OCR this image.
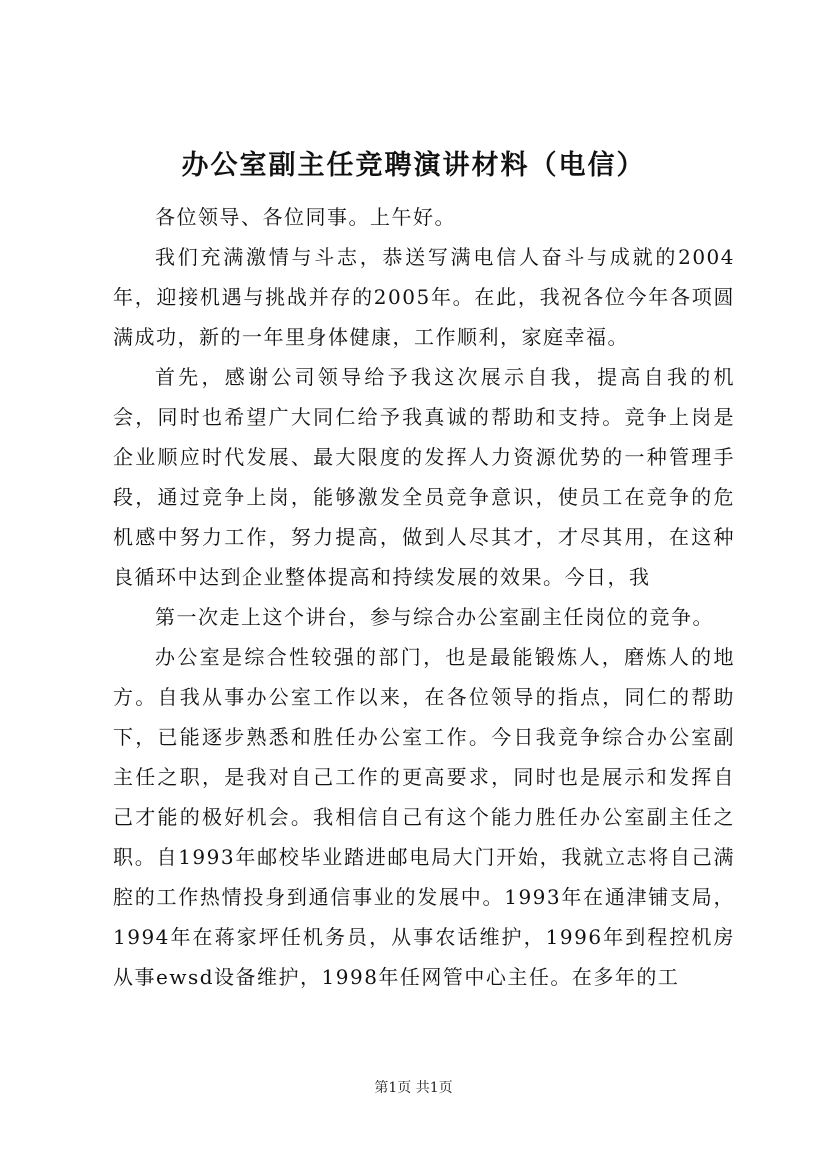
办公室副主任竞聘演讲材料（电信）

各位领导、各位同事。上午好。

我们充满激情与斗志，恭送写满电信人奋斗与成就的2004年，迎接机遇与挑战并存的2005年。在此，我祝各位今年各项圆满成功，新的一年里身体健康，工作顺利，家庭幸福。

首先，感谢公司领导给予我这次展示自我，提高自我的机会，同时也希望广大同仁给予我真诚的帮助和支持。竞争上岗是企业顺应时代发展、最大限度的发挥人力资源优势的一种管理手段，通过竞争上岗，能够激发全员竞争意识，使员工在竞争的危机感中努力工作，努力提高，做到人尽其才，才尽其用，在这种良循环中达到企业整体提高和持续发展的效果。今日，我

第一次走上这个讲台，参与综合办公室副主任岗位的竞争。

办公室是综合性较强的部门，也是最能锻炼人，磨炼人的地方。自我从事办公室工作以来，在各位领导的指点，同仁的帮助下，已能逐步熟悉和胜任办公室工作。今日我竞争综合办公室副主任之职，是我对自己工作的更高要求，同时也是展示和发挥自己才能的极好机会。我相信自己有这个能力胜任办公室副主任之职。自1993年邮校毕业踏进邮电局大门开始，我就立志将自己满腔的工作热情投身到通信事业的发展中。1993年在通津铺支局，1994年在蒋家坪任机务员，从事农话维护，1996年到程控机房从事ewsd设备维护，1998年任网管中心主任。在多年的工

第1页 共1页
